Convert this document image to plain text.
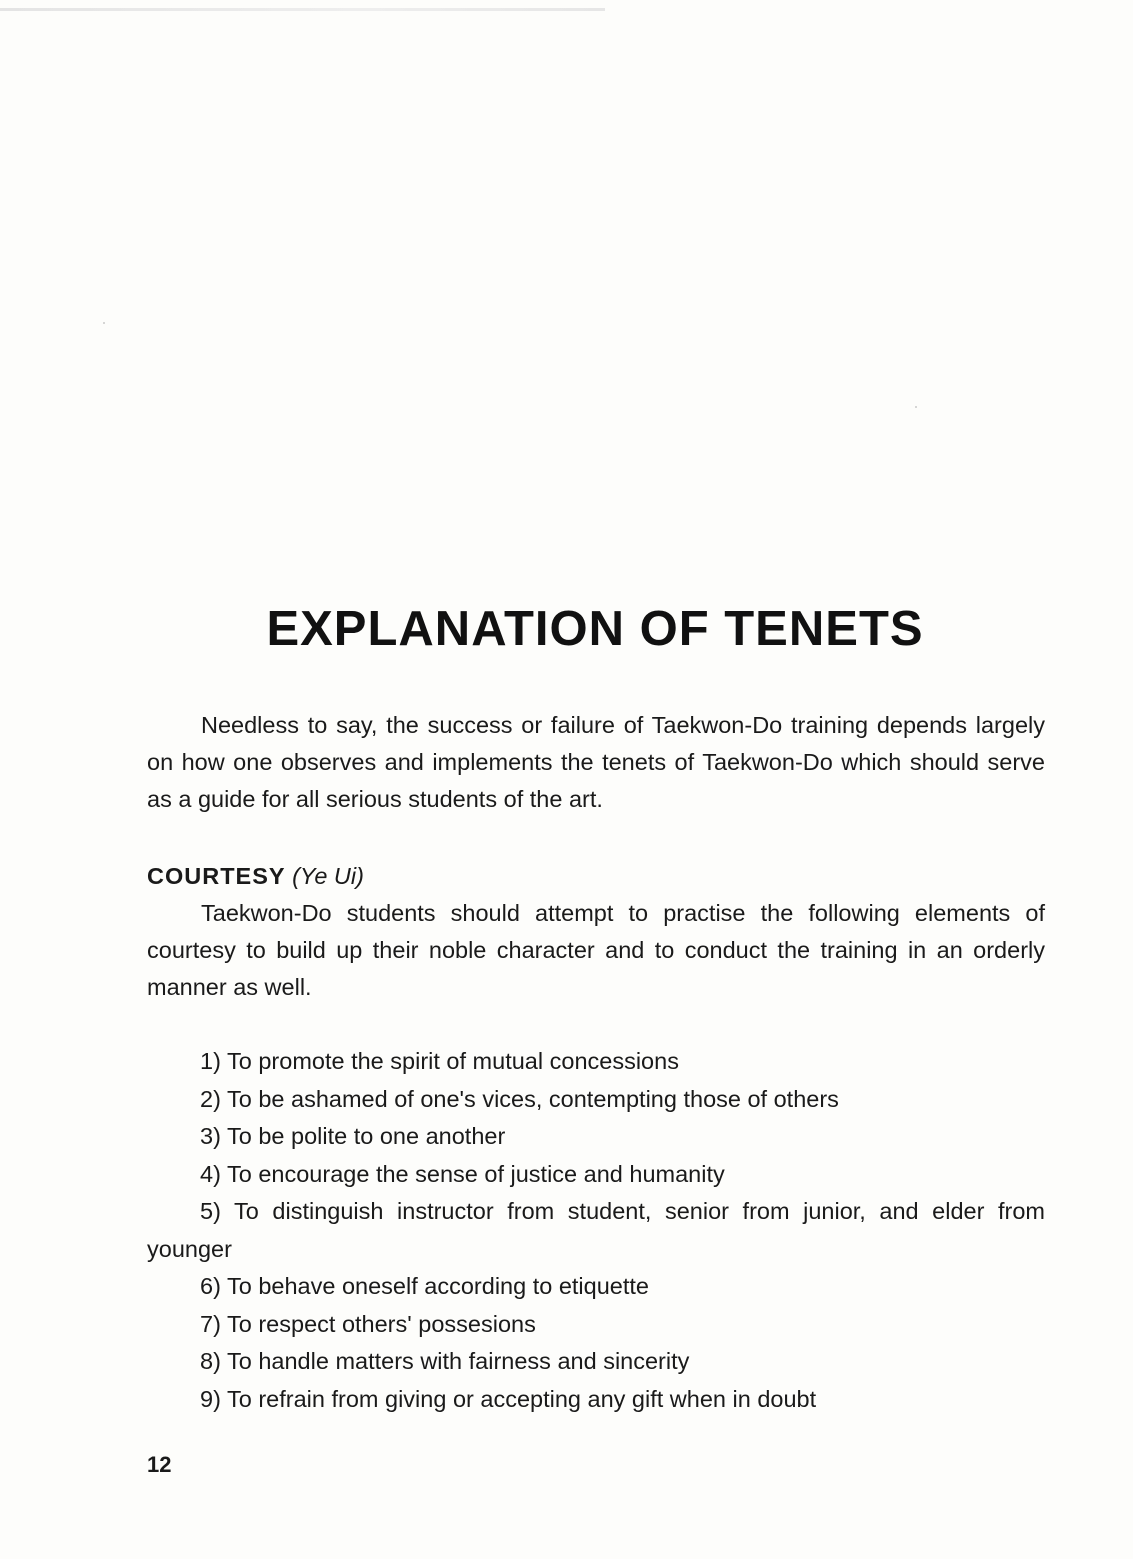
EXPLANATION OF TENETS

Needless to say, the success or failure of Taekwon-Do training depends largely on how one observes and implements the tenets of Taekwon-Do which should serve as a guide for all serious students of the art.

COURTESY (Ye Ui)

Taekwon-Do students should attempt to practise the following elements of courtesy to build up their noble character and to conduct the training in an orderly manner as well.

1) To promote the spirit of mutual concessions
2) To be ashamed of one's vices, contempting those of others
3) To be polite to one another
4) To encourage the sense of justice and humanity
5) To distinguish instructor from student, senior from junior, and elder from younger
6) To behave oneself according to etiquette
7) To respect others' possesions
8) To handle matters with fairness and sincerity
9) To refrain from giving or accepting any gift when in doubt
12
